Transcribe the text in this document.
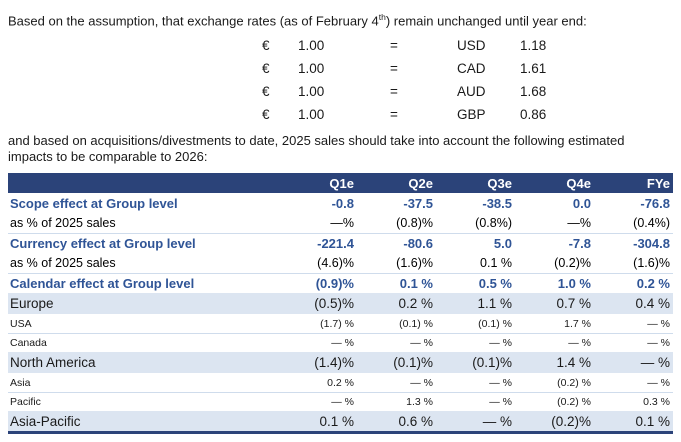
Based on the assumption, that exchange rates (as of February 4th) remain unchanged until year end:

€	1.00	=	USD	1.18
€	1.00	=	CAD	1.61
€	1.00	=	AUD	1.68
€	1.00	=	GBP	0.86

and based on acquisitions/divestments to date, 2025 sales should take into account the following estimated impacts to be comparable to 2026:

	Q1e	Q2e	Q3e	Q4e	FYe
Scope effect at Group level	-0.8	-37.5	-38.5	0.0	-76.8
as % of 2025 sales	—%	(0.8)%	(0.8%)	—%	(0.4%)
Currency effect at Group level	-221.4	-80.6	5.0	-7.8	-304.8
as % of 2025 sales	(4.6)%	(1.6)%	0.1 %	(0.2)%	(1.6)%
Calendar effect at Group level	(0.9)%	0.1 %	0.5 %	1.0 %	0.2 %
Europe	(0.5)%	0.2 %	1.1 %	0.7 %	0.4 %
USA	(1.7) %	(0.1) %	(0.1) %	1.7 %	— %
Canada	— %	— %	— %	— %	— %
North America	(1.4)%	(0.1)%	(0.1)%	1.4 %	— %
Asia	0.2 %	— %	— %	(0.2) %	— %
Pacific	— %	1.3 %	— %	(0.2) %	0.3 %
Asia-Pacific	0.1 %	0.6 %	— %	(0.2)%	0.1 %
